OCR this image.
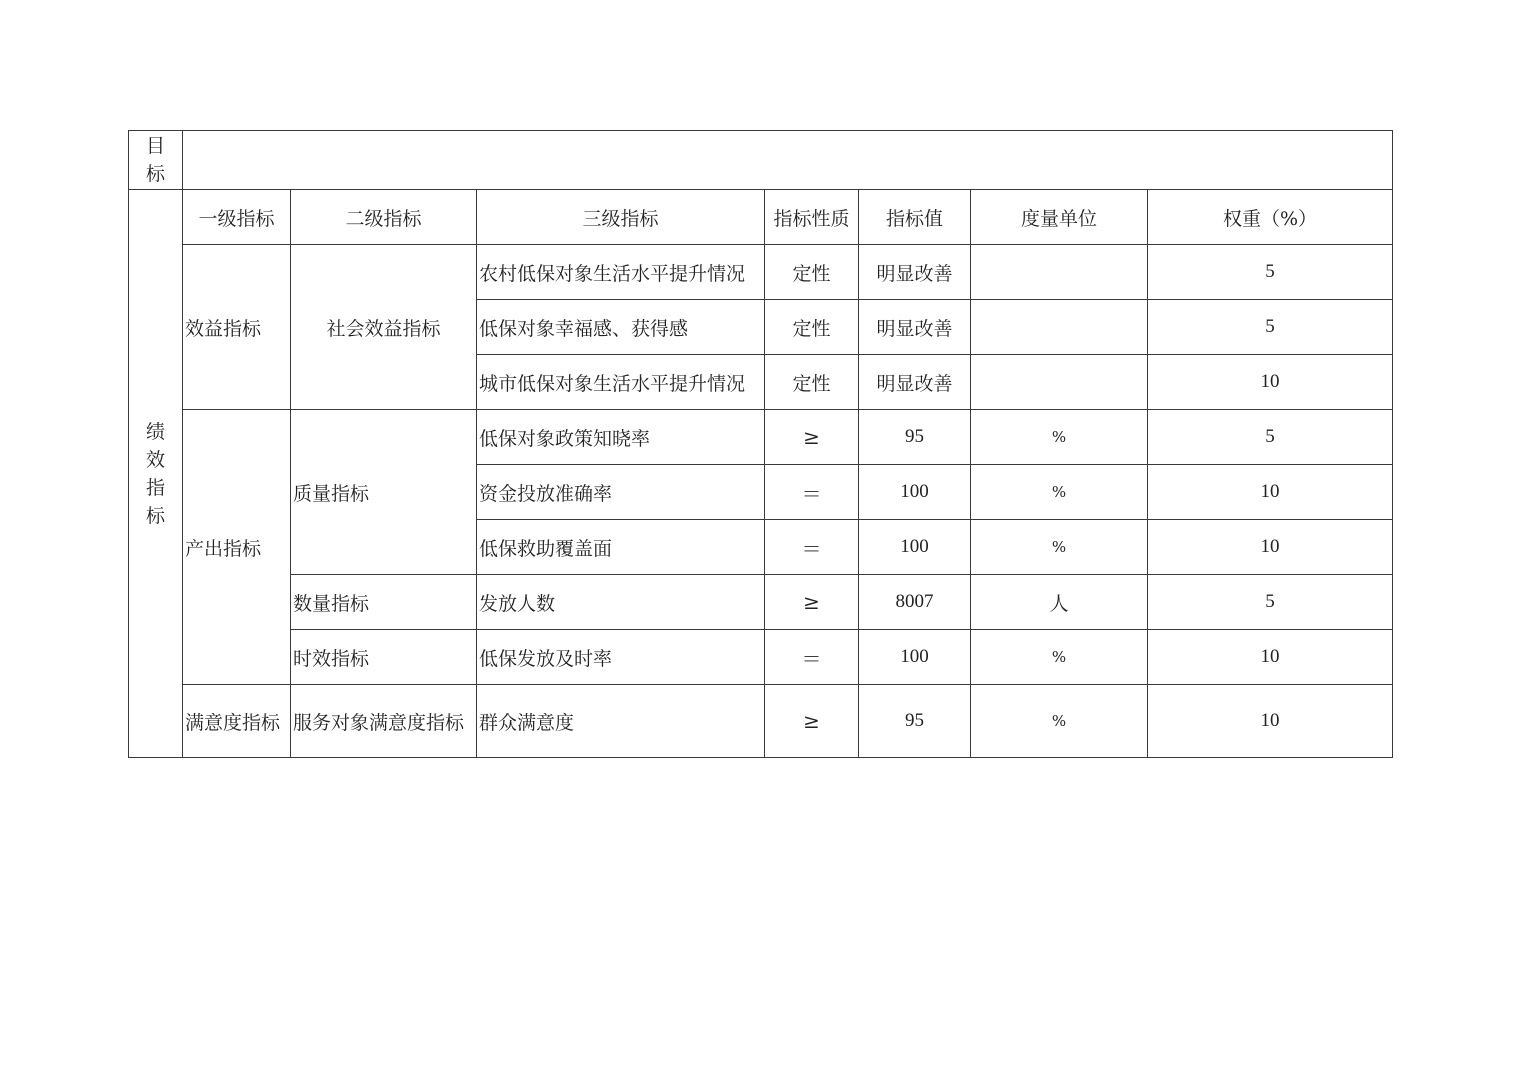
目
标							

绩
效
指
标	一级指标	二级指标	三级指标	指标性质	指标值	度量单位	权重（%）
	效益指标	社会效益指标	农村低保对象生活水平提升情况	定性	明显改善		5
			低保对象幸福感、获得感	定性	明显改善		5
			城市低保对象生活水平提升情况	定性	明显改善		10
	产出指标	质量指标	低保对象政策知晓率	≥	95	%	5
			资金投放准确率	＝	100	%	10
			低保救助覆盖面	＝	100	%	10
		数量指标	发放人数	≥	8007	人	5
		时效指标	低保发放及时率	＝	100	%	10
	满意度指标	服务对象满意度指标	群众满意度	≥	95	%	10
